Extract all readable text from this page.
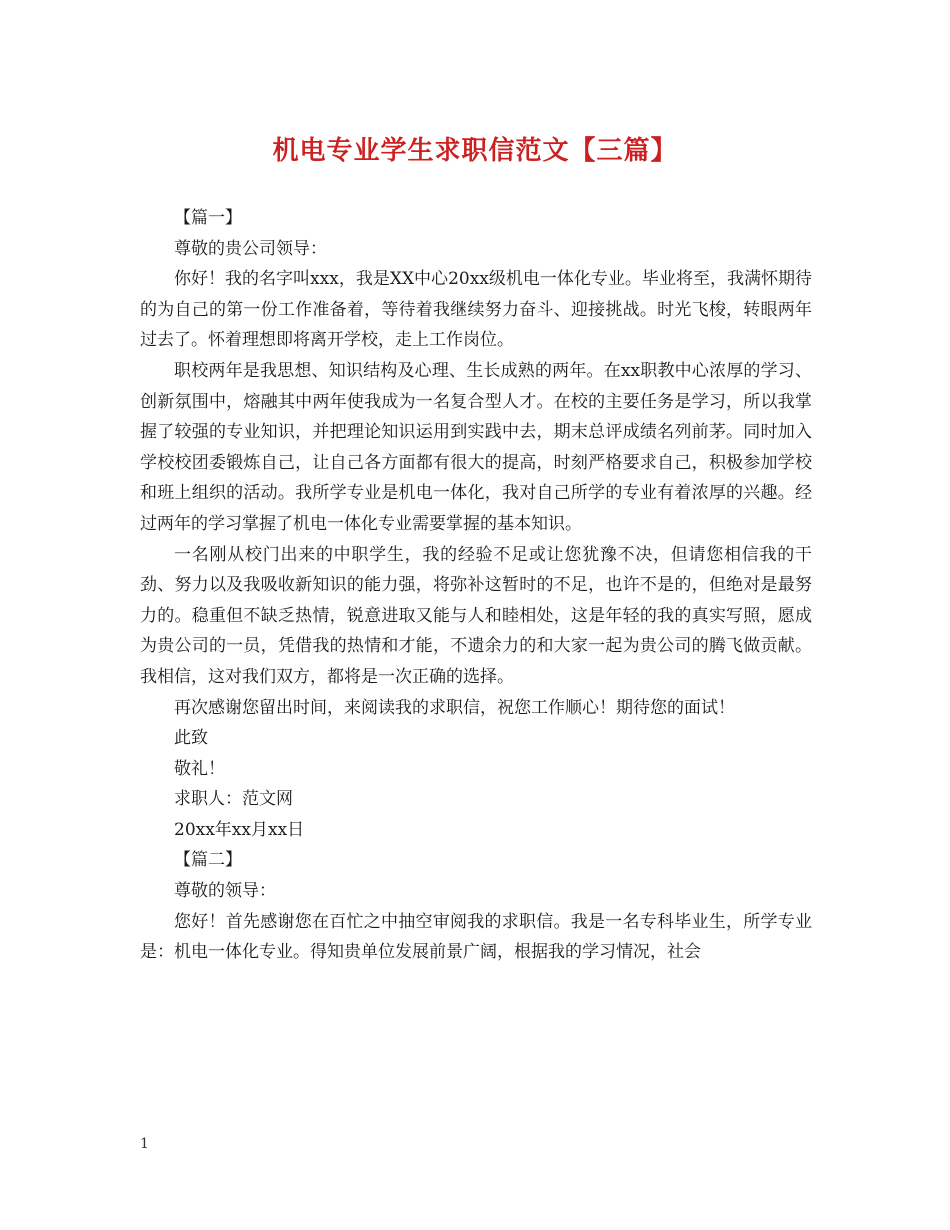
机电专业学生求职信范文【三篇】

【篇一】

尊敬的贵公司领导：

你好！我的名字叫xxx，我是XX中心20xx级机电一体化专业。毕业将至，我满怀期待的为自己的第一份工作准备着，等待着我继续努力奋斗、迎接挑战。时光飞梭，转眼两年过去了。怀着理想即将离开学校，走上工作岗位。

职校两年是我思想、知识结构及心理、生长成熟的两年。在xx职教中心浓厚的学习、创新氛围中，熔融其中两年使我成为一名复合型人才。在校的主要任务是学习，所以我掌握了较强的专业知识，并把理论知识运用到实践中去，期末总评成绩名列前茅。同时加入学校校团委锻炼自己，让自己各方面都有很大的提高，时刻严格要求自己，积极参加学校和班上组织的活动。我所学专业是机电一体化，我对自己所学的专业有着浓厚的兴趣。经过两年的学习掌握了机电一体化专业需要掌握的基本知识。

一名刚从校门出来的中职学生，我的经验不足或让您犹豫不决，但请您相信我的干劲、努力以及我吸收新知识的能力强，将弥补这暂时的不足，也许不是的，但绝对是最努力的。稳重但不缺乏热情，锐意进取又能与人和睦相处，这是年轻的我的真实写照，愿成为贵公司的一员，凭借我的热情和才能，不遗余力的和大家一起为贵公司的腾飞做贡献。我相信，这对我们双方，都将是一次正确的选择。

再次感谢您留出时间，来阅读我的求职信，祝您工作顺心！期待您的面试！

此致

敬礼！

求职人：范文网

20xx年xx月xx日

【篇二】

尊敬的领导：

您好！首先感谢您在百忙之中抽空审阅我的求职信。我是一名专科毕业生，所学专业是：机电一体化专业。得知贵单位发展前景广阔，根据我的学习情况，社会

1
